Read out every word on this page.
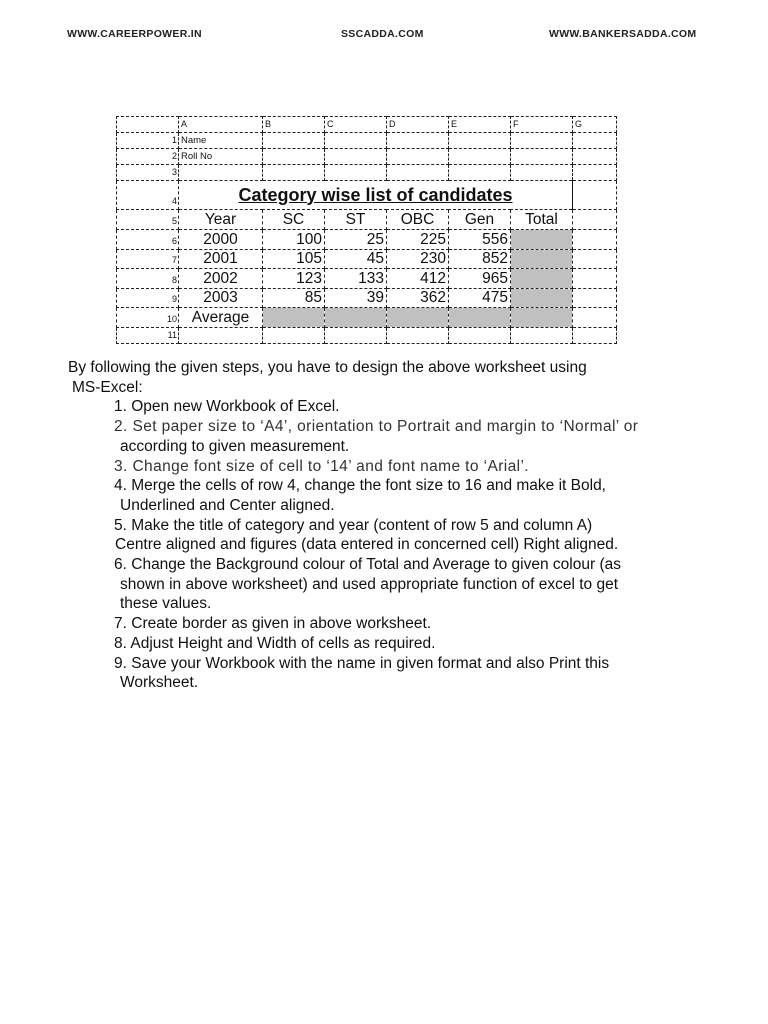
WWW.CAREERPOWER.IN	SSCADDA.COM	WWW.BANKERSADDA.COM
	A	B	C	D	E	F	G
1	Name						
2	Roll No						
3							
4	Category wise list of candidates						
5	Year	SC	ST	OBC	Gen	Total	
6	2000	100	25	225	556		
7	2001	105	45	230	852		
8	2002	123	133	412	965		
9	2003	85	39	362	475		
10	Average						
11							

By following the given steps, you have to design the above worksheet using

MS-Excel:

1. Open new Workbook of Excel.

2. Set paper size to ‘A4’, orientation to Portrait and margin to ‘Normal’ or

according to given measurement.

3. Change font size of cell to ‘14’ and font name to ‘Arial’.

4. Merge the cells of row 4, change the font size to 16 and make it Bold,

Underlined and Center aligned.

5. Make the title of category and year (content of row 5 and column A)

Centre aligned and figures (data entered in concerned cell) Right aligned.

6. Change the Background colour of Total and Average to given colour (as

shown in above worksheet) and used appropriate function of excel to get

these values.

7. Create border as given in above worksheet.

8. Adjust Height and Width of cells as required.

9. Save your Workbook with the name in given format and also Print this

Worksheet.
